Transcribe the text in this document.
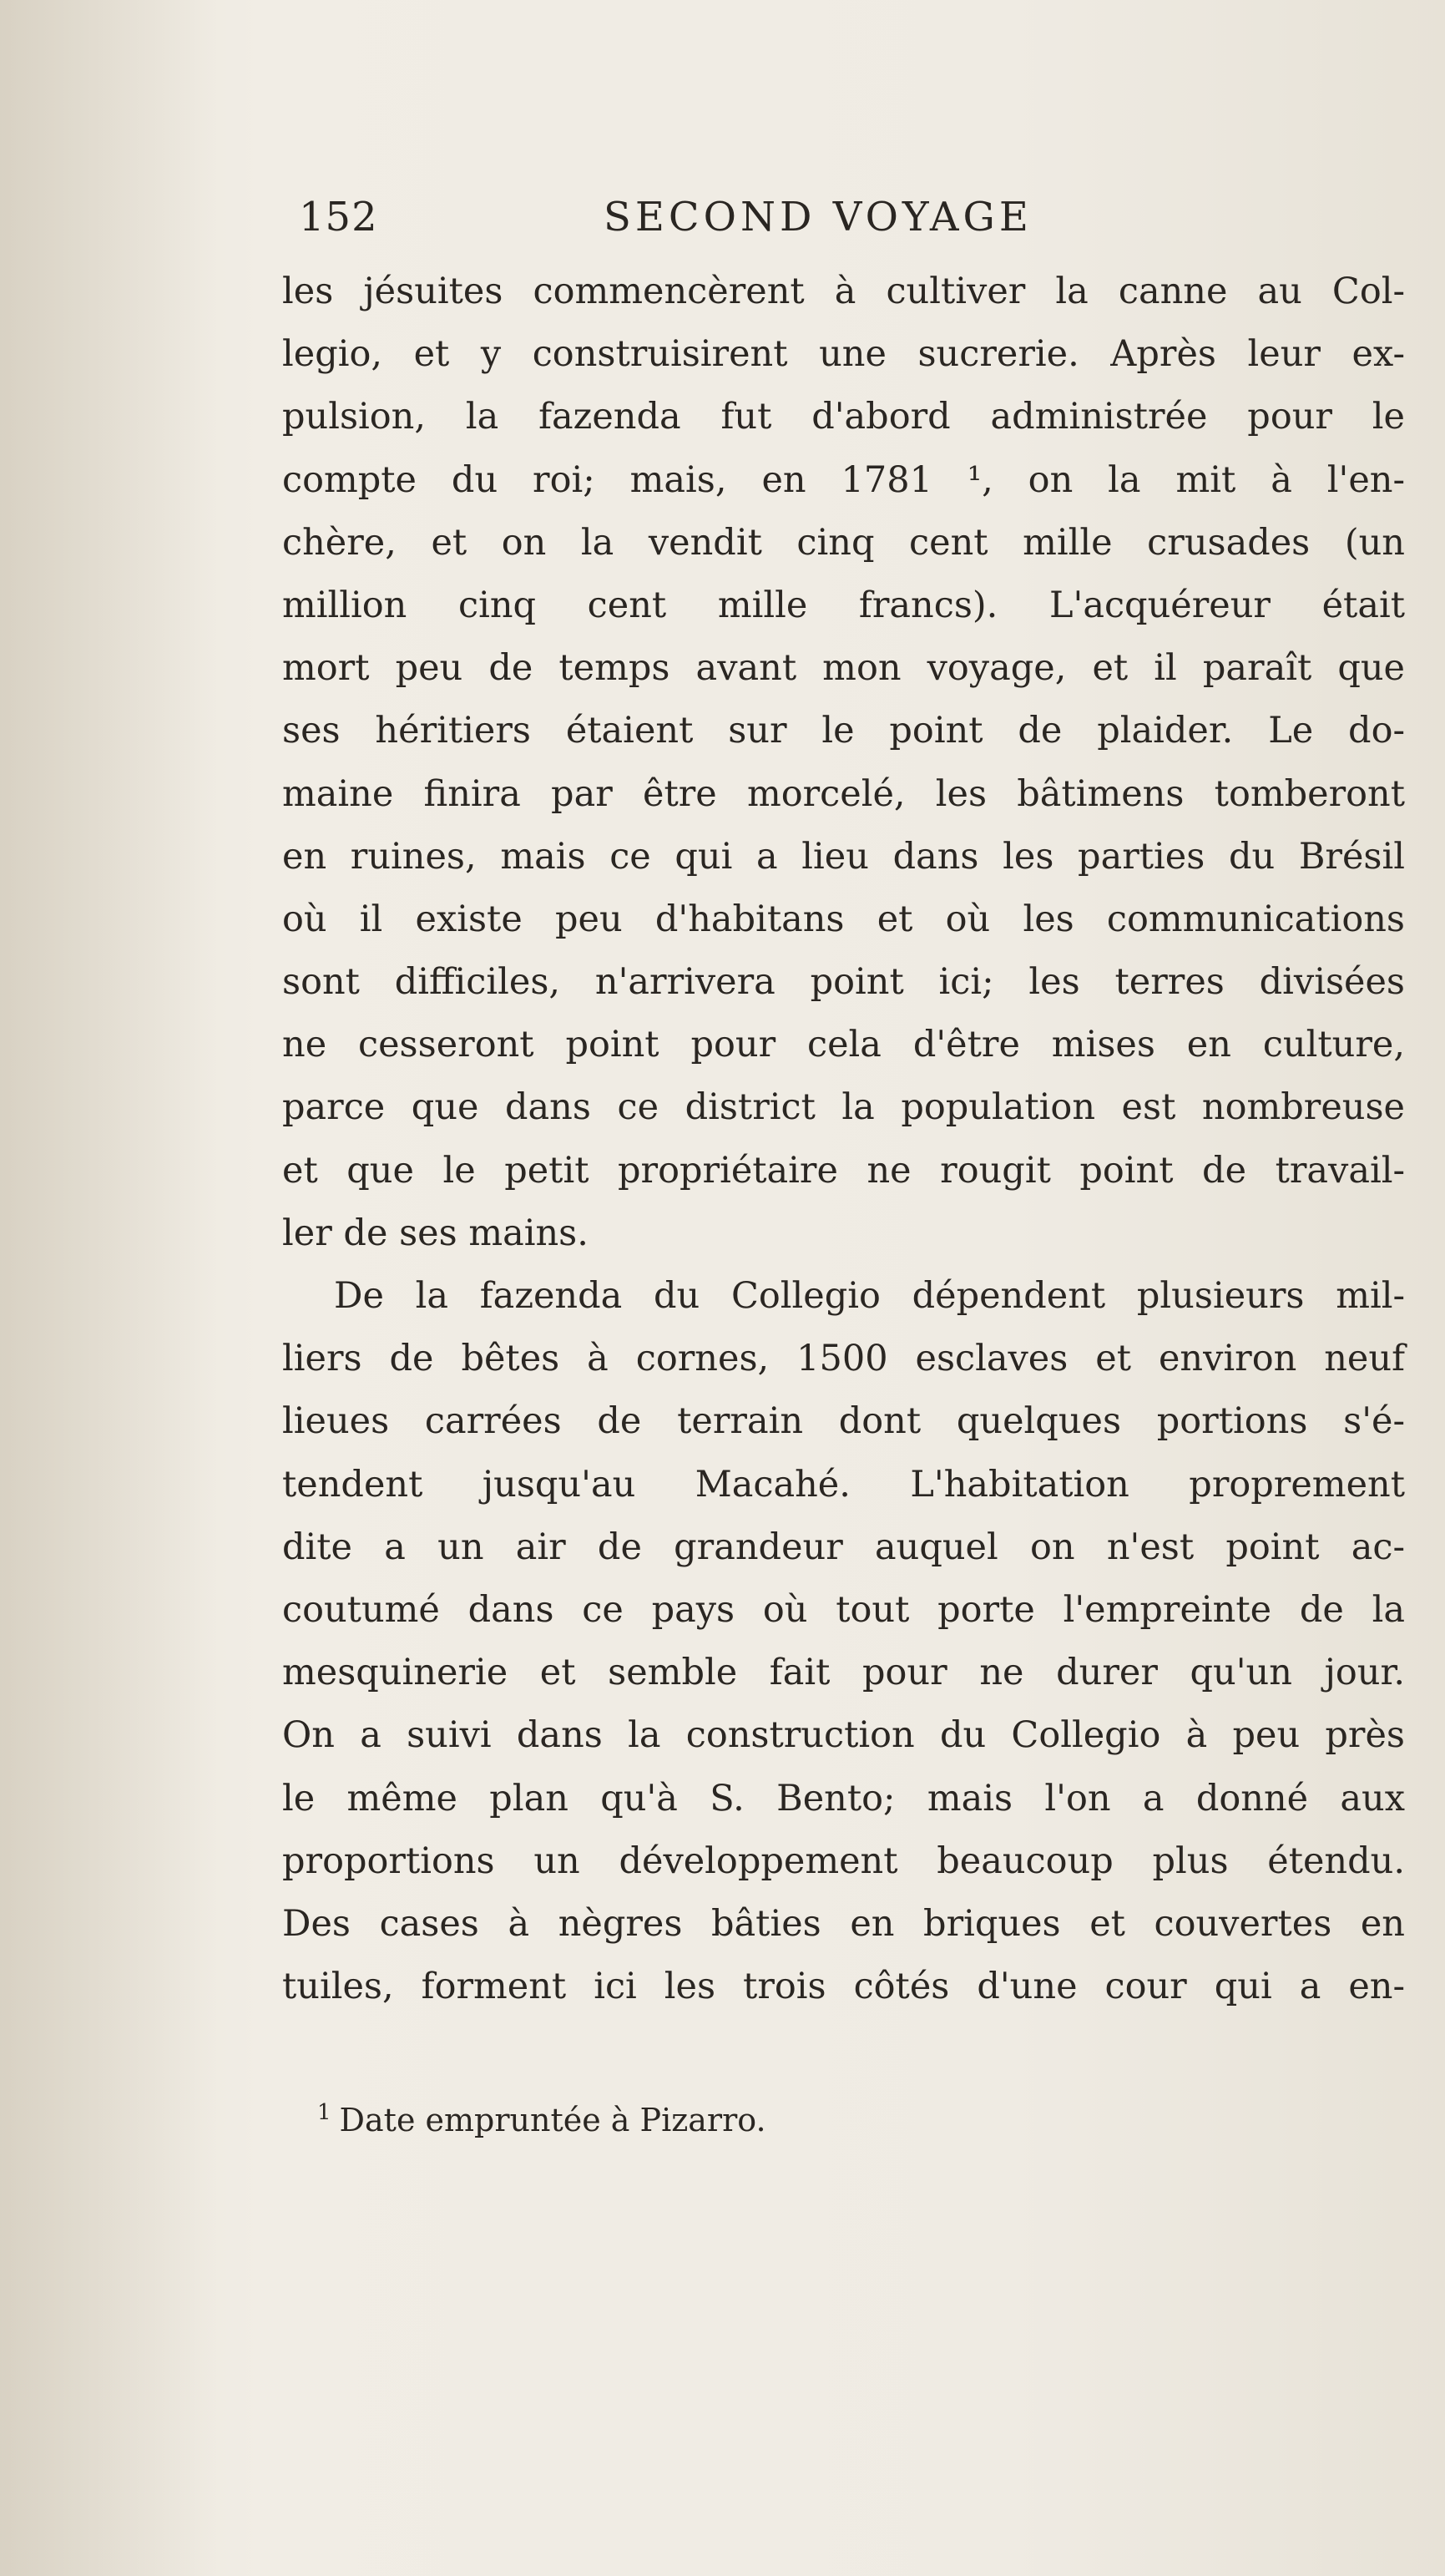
152	SECOND VOYAGE
les jésuites commencèrent à cultiver la canne au Col-
legio, et y construisirent une sucrerie. Après leur ex-
pulsion, la fazenda fut d'abord administrée pour le
compte du roi; mais, en 1781 ¹, on la mit à l'en-
chère, et on la vendit cinq cent mille crusades (un
million cinq cent mille francs). L'acquéreur était
mort peu de temps avant mon voyage, et il paraît que
ses héritiers étaient sur le point de plaider. Le do-
maine finira par être morcelé, les bâtimens tomberont
en ruines, mais ce qui a lieu dans les parties du Brésil
où il existe peu d'habitans et où les communications
sont difficiles, n'arrivera point ici; les terres divisées
ne cesseront point pour cela d'être mises en culture,
parce que dans ce district la population est nombreuse
et que le petit propriétaire ne rougit point de travail-
ler de ses mains.
De la fazenda du Collegio dépendent plusieurs mil-
liers de bêtes à cornes, 1500 esclaves et environ neuf
lieues carrées de terrain dont quelques portions s'é-
tendent jusqu'au Macahé. L'habitation proprement
dite a un air de grandeur auquel on n'est point ac-
coutumé dans ce pays où tout porte l'empreinte de la
mesquinerie et semble fait pour ne durer qu'un jour.
On a suivi dans la construction du Collegio à peu près
le même plan qu'à S. Bento; mais l'on a donné aux
proportions un développement beaucoup plus étendu.
Des cases à nègres bâties en briques et couvertes en
tuiles, forment ici les trois côtés d'une cour qui a en-
$^1$ Date empruntée à Pizarro.
